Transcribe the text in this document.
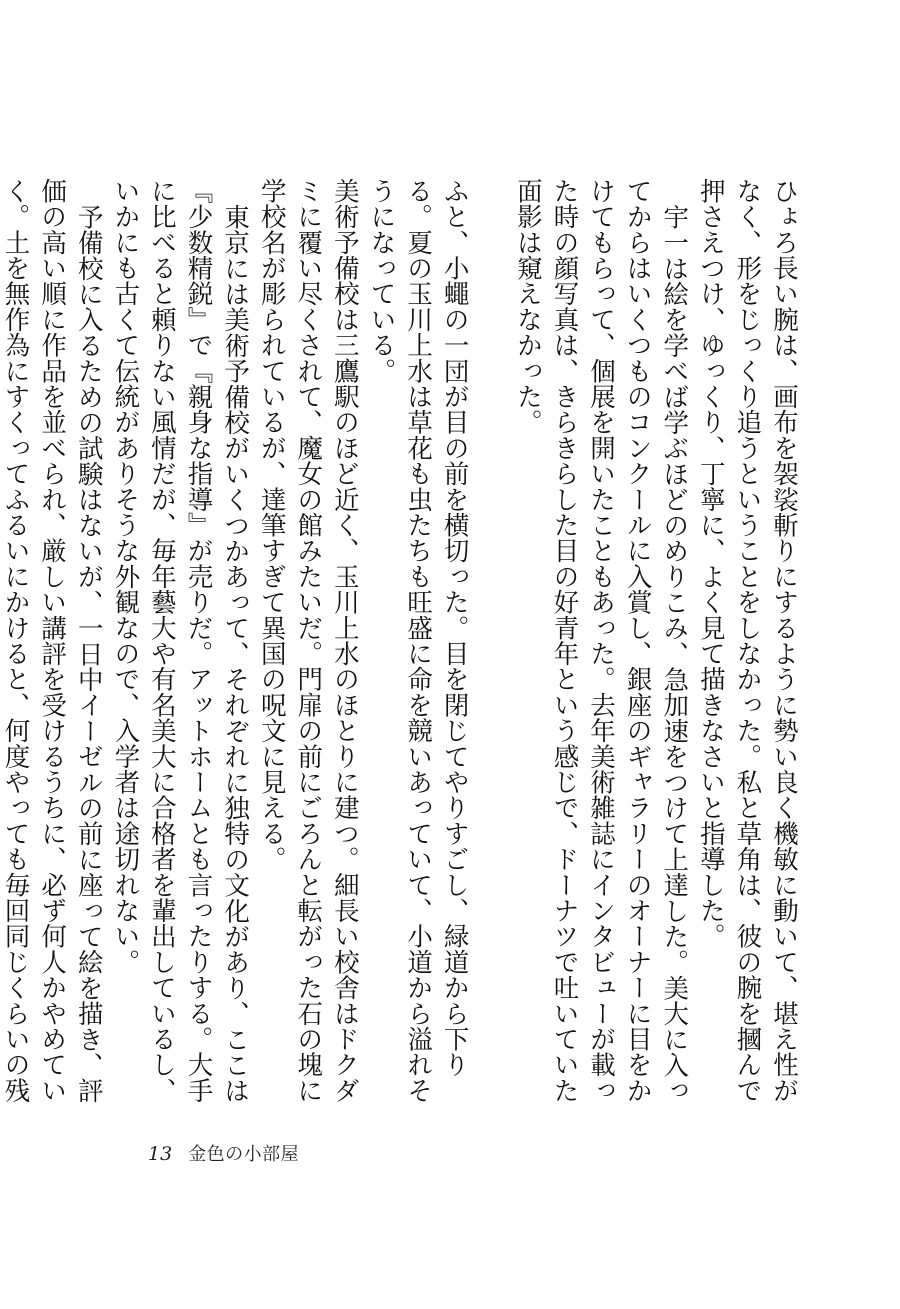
ひょろ長い腕は、画布を袈裟斬りにするように勢い良く機敏に動いて、堪え性がなく、形をじっくり追うということをしなかった。私と草角は、彼の腕を摑んで押さえつけ、ゆっくり、丁寧に、よく見て描きなさいと指導した。

宇一は絵を学べば学ぶほどのめりこみ、急加速をつけて上達した。美大に入ってからはいくつものコンクールに入賞し、銀座のギャラリーのオーナーに目をかけてもらって、個展を開いたこともあった。去年美術雑誌にインタビューが載った時の顔写真は、きらきらした目の好青年という感じで、ドーナツで吐いていた面影は窺えなかった。

ふと、小蠅の一団が目の前を横切った。目を閉じてやりすごし、緑道から下りる。夏の玉川上水は草花も虫たちも旺盛に命を競いあっていて、小道から溢れそうになっている。

美術予備校は三鷹駅のほど近く、玉川上水のほとりに建つ。細長い校舎はドクダミに覆い尽くされて、魔女の館みたいだ。門扉の前にごろんと転がった石の塊に学校名が彫られているが、達筆すぎて異国の呪文に見える。

東京には美術予備校がいくつかあって、それぞれに独特の文化があり、ここは『少数精鋭』で『親身な指導』が売りだ。アットホームとも言ったりする。大手に比べると頼りない風情だが、毎年藝大や有名美大に合格者を輩出しているし、いかにも古くて伝統がありそうな外観なので、入学者は途切れない。

予備校に入るための試験はないが、一日中イーゼルの前に座って絵を描き、評価の高い順に作品を並べられ、厳しい講評を受けるうちに、必ず何人かやめていく。土を無作為にすくってふるいにかけると、何度やっても毎回同じくらいの残

13 金色の小部屋
